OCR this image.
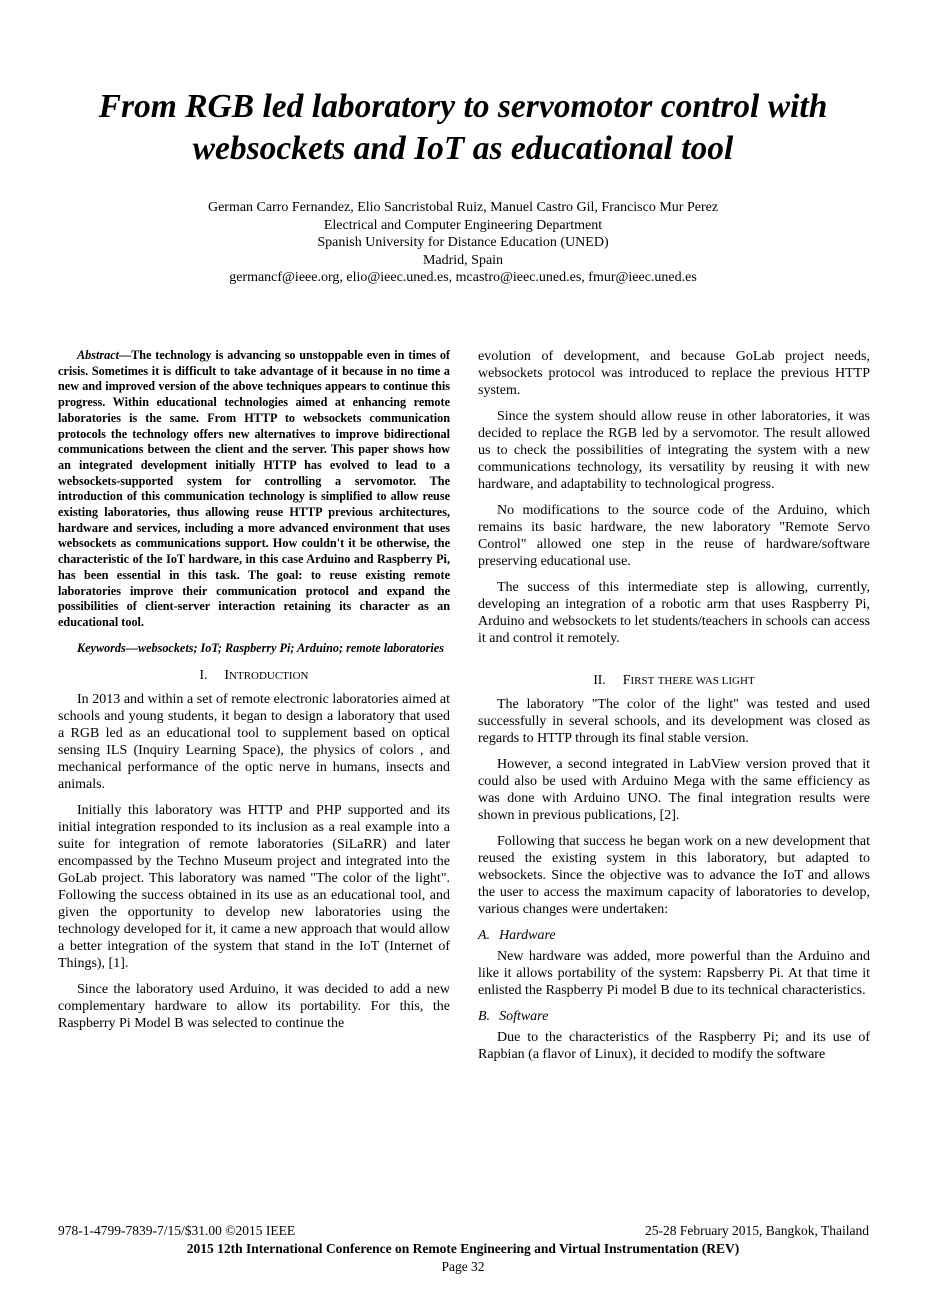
From RGB led laboratory to servomotor control with
websockets and IoT as educational tool
German Carro Fernandez, Elio Sancristobal Ruiz, Manuel Castro Gil, Francisco Mur Perez
Electrical and Computer Engineering Department
Spanish University for Distance Education (UNED)
Madrid, Spain
germancf@ieee.org, elio@ieec.uned.es, mcastro@ieec.uned.es, fmur@ieec.uned.es

Abstract—The technology is advancing so unstoppable even in times of crisis. Sometimes it is difficult to take advantage of it because in no time a new and improved version of the above techniques appears to continue this progress. Within educational technologies aimed at enhancing remote laboratories is the same. From HTTP to websockets communication protocols the technology offers new alternatives to improve bidirectional communications between the client and the server. This paper shows how an integrated development initially HTTP has evolved to lead to a websockets-supported system for controlling a servomotor. The introduction of this communication technology is simplified to allow reuse existing laboratories, thus allowing reuse HTTP previous architectures, hardware and services, including a more advanced environment that uses websockets as communications support. How couldn't it be otherwise, the characteristic of the IoT hardware, in this case Arduino and Raspberry Pi, has been essential in this task. The goal: to reuse existing remote laboratories improve their communication protocol and expand the possibilities of client-server interaction retaining its character as an educational tool.

Keywords—websockets; IoT; Raspberry Pi; Arduino; remote laboratories

I. INTRODUCTION

In 2013 and within a set of remote electronic laboratories aimed at schools and young students, it began to design a laboratory that used a RGB led as an educational tool to supplement based on optical sensing ILS (Inquiry Learning Space), the physics of colors , and mechanical performance of the optic nerve in humans, insects and animals.

Initially this laboratory was HTTP and PHP supported and its initial integration responded to its inclusion as a real example into a suite for integration of remote laboratories (SiLaRR) and later encompassed by the Techno Museum project and integrated into the GoLab project. This laboratory was named "The color of the light". Following the success obtained in its use as an educational tool, and given the opportunity to develop new laboratories using the technology developed for it, it came a new approach that would allow a better integration of the system that stand in the IoT (Internet of Things), [1].

Since the laboratory used Arduino, it was decided to add a new complementary hardware to allow its portability. For this, the Raspberry Pi Model B was selected to continue the

evolution of development, and because GoLab project needs, websockets protocol was introduced to replace the previous HTTP system.

Since the system should allow reuse in other laboratories, it was decided to replace the RGB led by a servomotor. The result allowed us to check the possibilities of integrating the system with a new communications technology, its versatility by reusing it with new hardware, and adaptability to technological progress.

No modifications to the source code of the Arduino, which remains its basic hardware, the new laboratory "Remote Servo Control" allowed one step in the reuse of hardware/software preserving educational use.

The success of this intermediate step is allowing, currently, developing an integration of a robotic arm that uses Raspberry Pi, Arduino and websockets to let students/teachers in schools can access it and control it remotely.

II. FIRST THERE WAS LIGHT

The laboratory "The color of the light" was tested and used successfully in several schools, and its development was closed as regards to HTTP through its final stable version.

However, a second integrated in LabView version proved that it could also be used with Arduino Mega with the same efficiency as was done with Arduino UNO. The final integration results were shown in previous publications, [2].

Following that success he began work on a new development that reused the existing system in this laboratory, but adapted to websockets. Since the objective was to advance the IoT and allows the user to access the maximum capacity of laboratories to develop, various changes were undertaken:

A. Hardware

New hardware was added, more powerful than the Arduino and like it allows portability of the system: Rapsberry Pi. At that time it enlisted the Raspberry Pi model B due to its technical characteristics.

B. Software

Due to the characteristics of the Raspberry Pi; and its use of Rapbian (a flavor of Linux), it decided to modify the software

978-1-4799-7839-7/15/$31.00 ©2015 IEEE	25-28 February 2015, Bangkok, Thailand
2015 12th International Conference on Remote Engineering and Virtual Instrumentation (REV)
Page 32
